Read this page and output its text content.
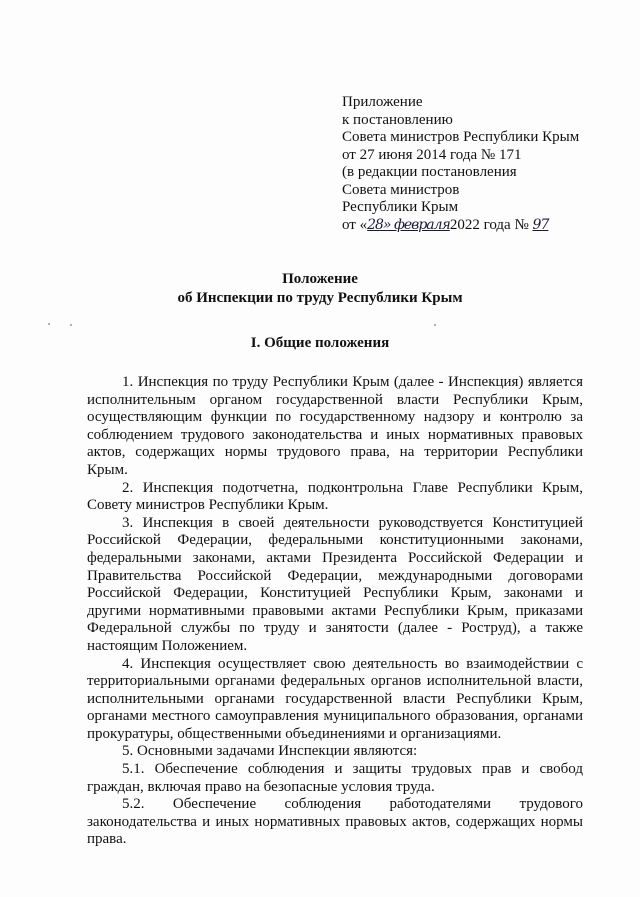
Приложение
к постановлению
Совета министров Республики Крым
от 27 июня 2014 года № 171
(в редакции постановления
Совета министров
Республики Крым
от «28» февраля2022 года № 97
Положение
об Инспекции по труду Республики Крым
I. Общие положения

1. Инспекция по труду Республики Крым (далее - Инспекция) является исполнительным органом государственной власти Республики Крым, осуществляющим функции по государственному надзору и контролю за соблюдением трудового законодательства и иных нормативных правовых актов, содержащих нормы трудового права, на территории Республики Крым.

2. Инспекция подотчетна, подконтрольна Главе Республики Крым, Совету министров Республики Крым.

3. Инспекция в своей деятельности руководствуется Конституцией Российской Федерации, федеральными конституционными законами, федеральными законами, актами Президента Российской Федерации и Правительства Российской Федерации, международными договорами Российской Федерации, Конституцией Республики Крым, законами и другими нормативными правовыми актами Республики Крым, приказами Федеральной службы по труду и занятости (далее - Роструд), а также настоящим Положением.

4. Инспекция осуществляет свою деятельность во взаимодействии с территориальными органами федеральных органов исполнительной власти, исполнительными органами государственной власти Республики Крым, органами местного самоуправления муниципального образования, органами прокуратуры, общественными объединениями и организациями.

5. Основными задачами Инспекции являются:

5.1. Обеспечение соблюдения и защиты трудовых прав и свобод граждан, включая право на безопасные условия труда.

5.2. Обеспечение соблюдения работодателями трудового законодательства и иных нормативных правовых актов, содержащих нормы права.
